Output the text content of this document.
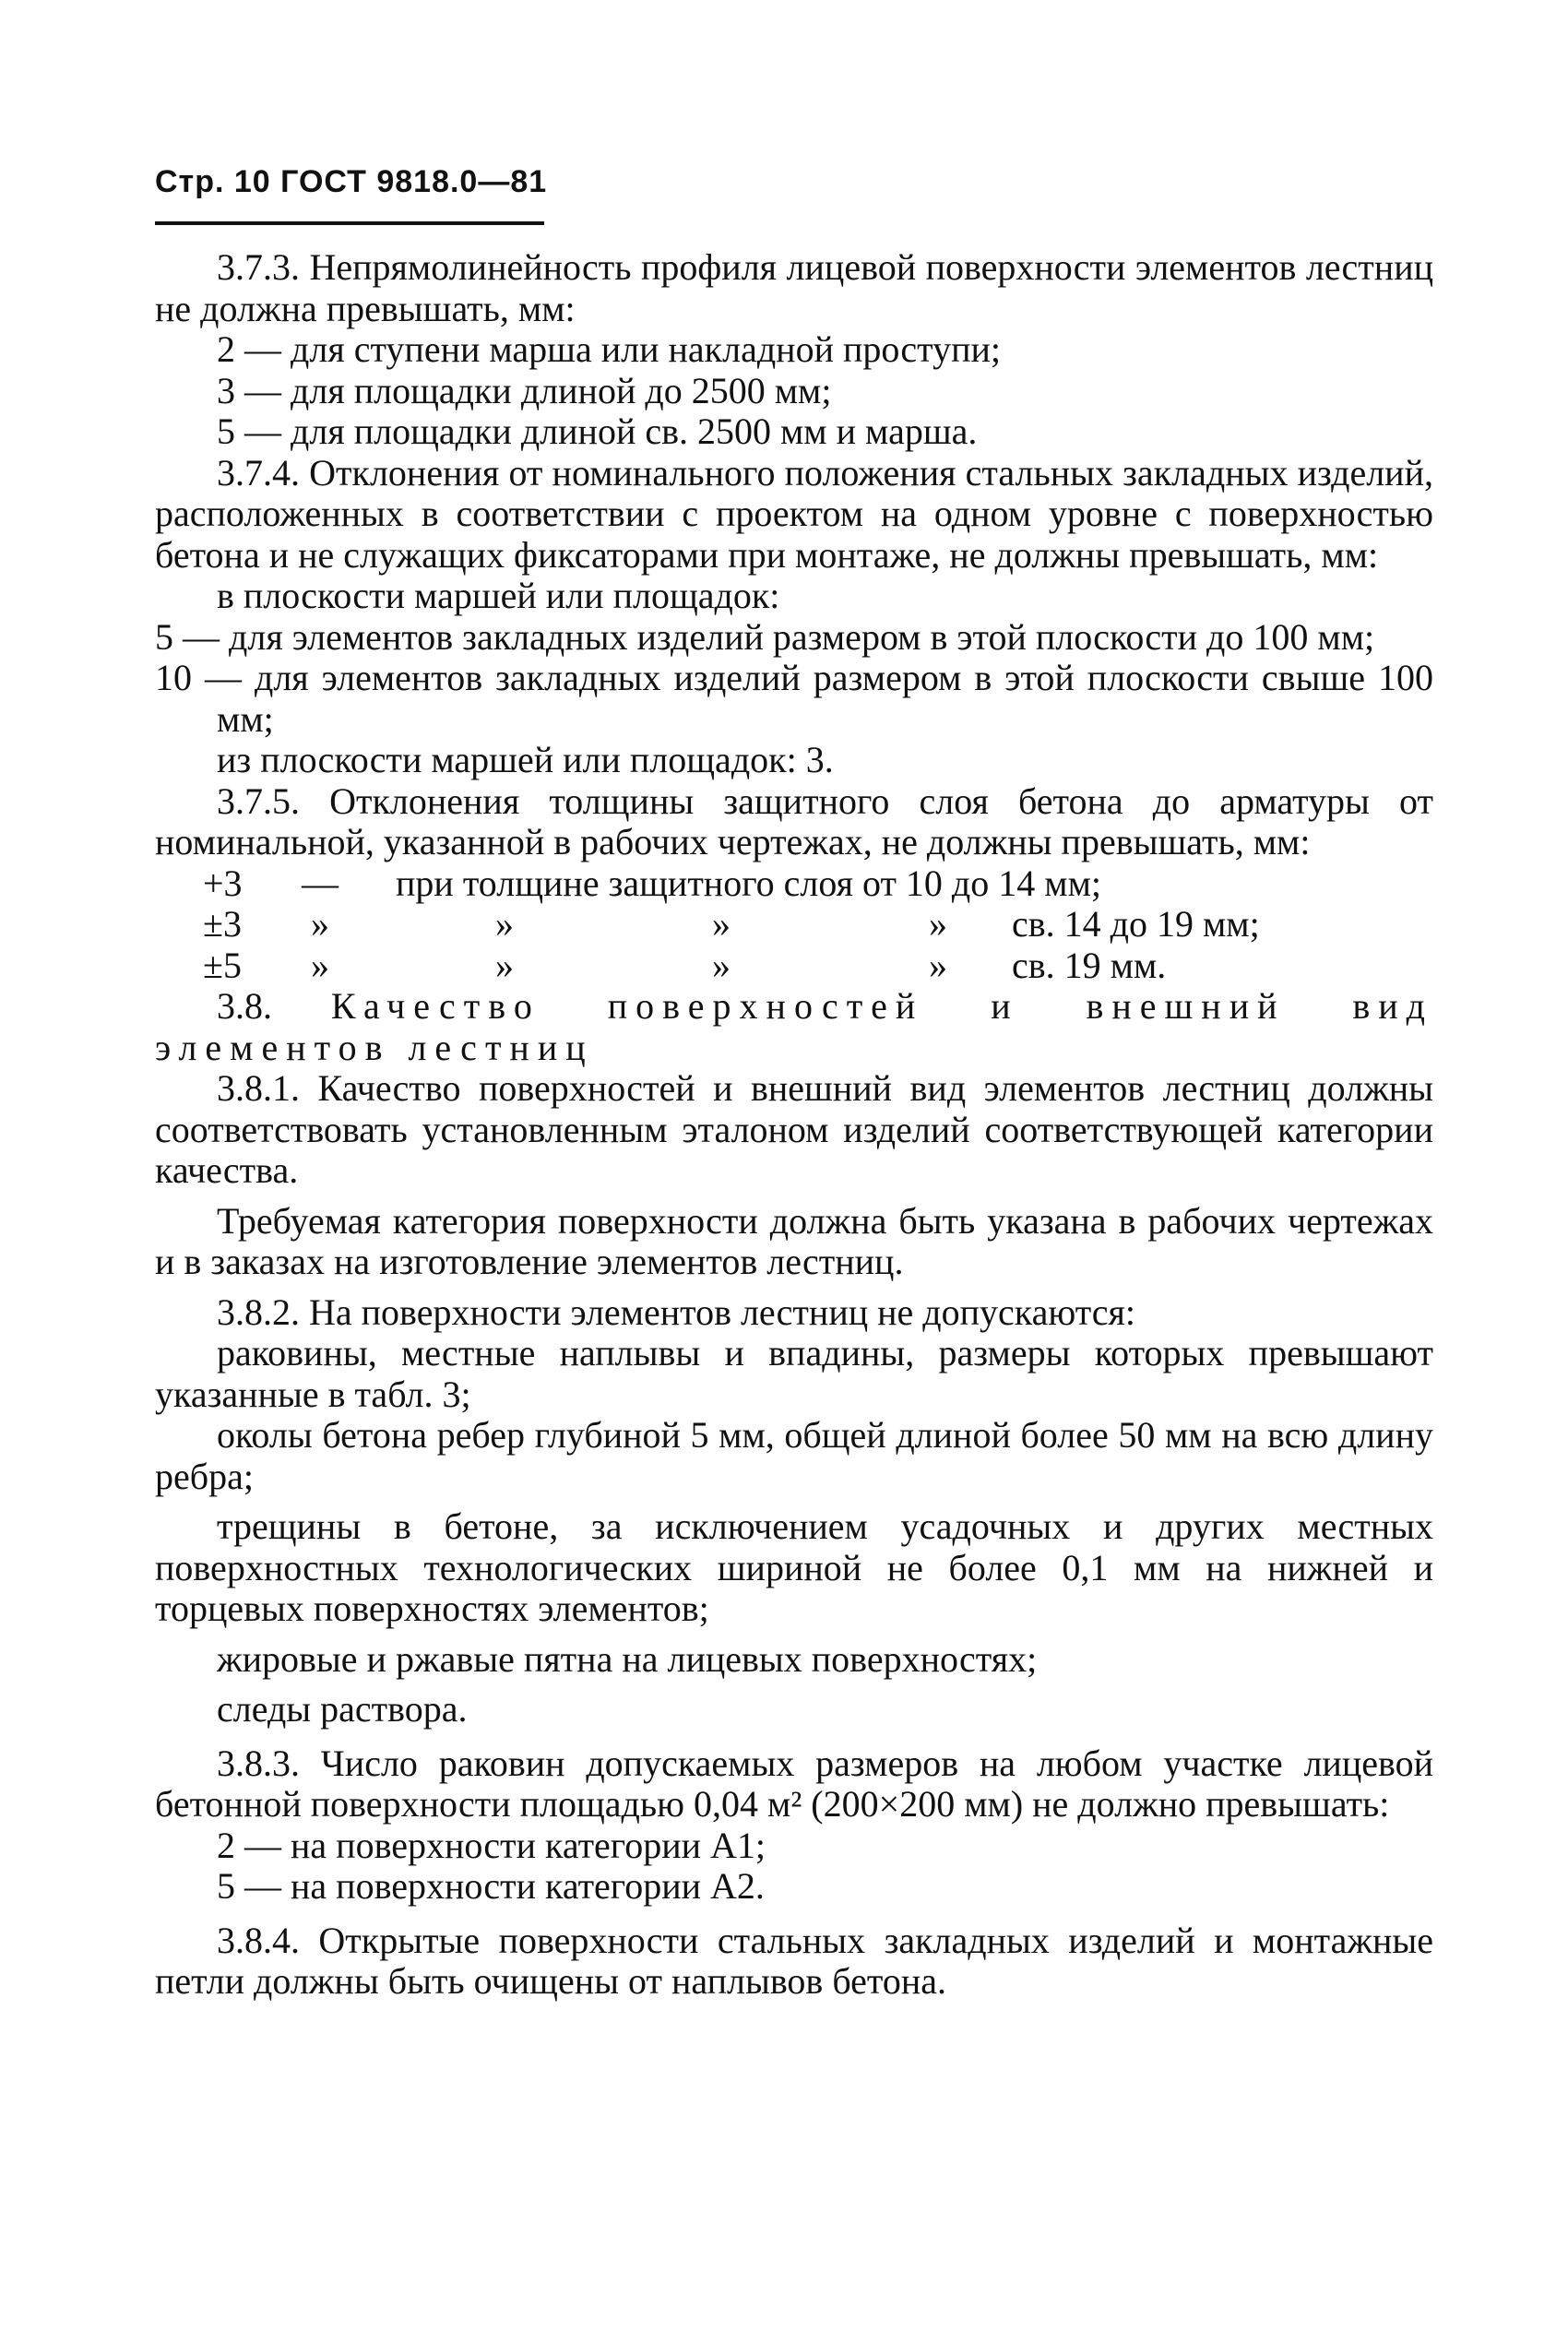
Стр. 10 ГОСТ 9818.0—81

3.7.3. Непрямолинейность профиля лицевой поверхности элементов лестниц не должна превышать, мм:

2 — для ступени марша или накладной проступи;

3 — для площадки длиной до 2500 мм;

5 — для площадки длиной св. 2500 мм и марша.

3.7.4. Отклонения от номинального положения стальных закладных изделий, расположенных в соответствии с проектом на одном уровне с поверхностью бетона и не служащих фиксаторами при монтаже, не должны превышать, мм:

в плоскости маршей или площадок:

5 — для элементов закладных изделий размером в этой плоскости до 100 мм;

10 — для элементов закладных изделий размером в этой плоскости свыше 100 мм;

из плоскости маршей или площадок: 3.

3.7.5. Отклонения толщины защитного слоя бетона до арматуры от номинальной, указанной в рабочих чертежах, не должны превышать, мм:

+3	—	при толщине защитного слоя от 10 до 14 мм;
±3	»	»	»	»	св. 14 до 19 мм;
±5	»	»	»	»	св. 19 мм.

3.8. Качество поверхностей и внешний вид элементов лестниц

3.8.1. Качество поверхностей и внешний вид элементов лестниц должны соответствовать установленным эталоном изделий соответствующей категории качества.

Требуемая категория поверхности должна быть указана в рабочих чертежах и в заказах на изготовление элементов лестниц.

3.8.2. На поверхности элементов лестниц не допускаются:

раковины, местные наплывы и впадины, размеры которых превышают указанные в табл. 3;

околы бетона ребер глубиной 5 мм, общей длиной более 50 мм на всю длину ребра;

трещины в бетоне, за исключением усадочных и других местных поверхностных технологических шириной не более 0,1 мм на нижней и торцевых поверхностях элементов;

жировые и ржавые пятна на лицевых поверхностях;

следы раствора.

3.8.3. Число раковин допускаемых размеров на любом участке лицевой бетонной поверхности площадью 0,04 м² (200×200 мм) не должно превышать:

2 — на поверхности категории А1;

5 — на поверхности категории А2.

3.8.4. Открытые поверхности стальных закладных изделий и монтажные петли должны быть очищены от наплывов бетона.
